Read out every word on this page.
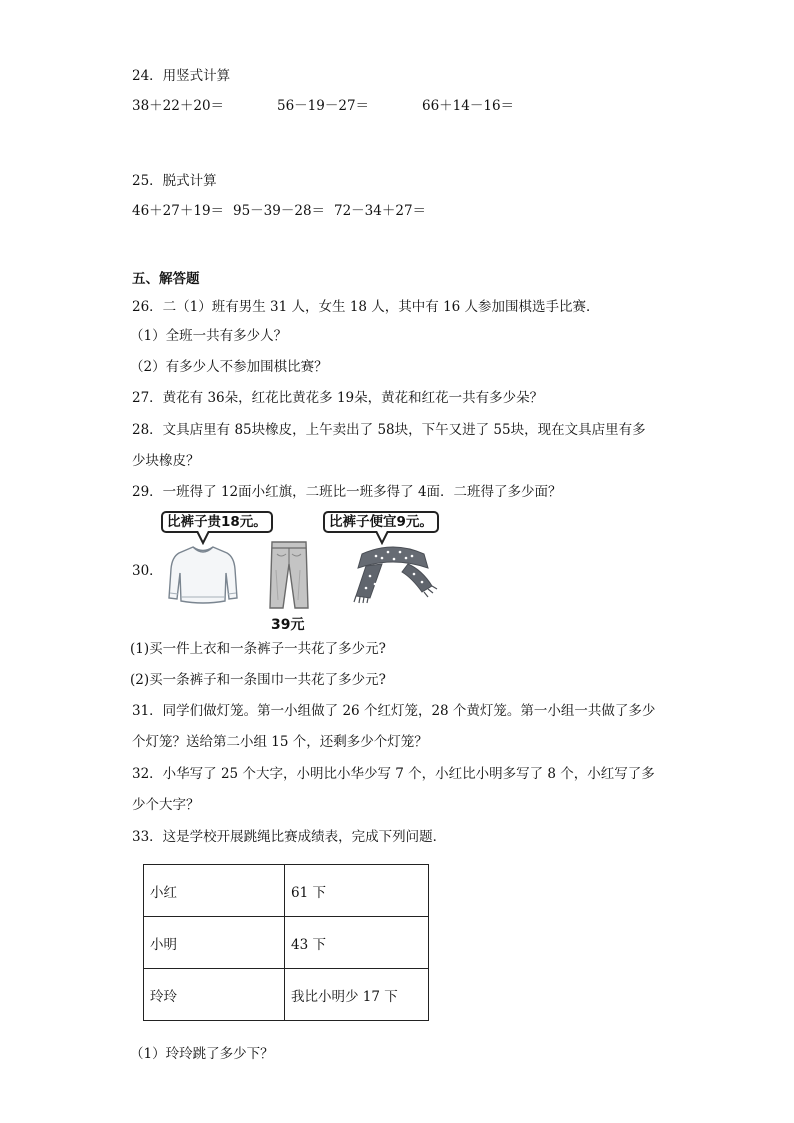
24．用竖式计算
38＋22＋20＝	56－19－27＝	66＋14－16＝
25．脱式计算
46＋27＋19＝ 95－39－28＝ 72－34＋27＝
五、解答题
26．二（1）班有男生 31 人，女生 18 人，其中有 16 人参加围棋选手比赛．
（1）全班一共有多少人？
（2）有多少人不参加围棋比赛？
27．黄花有 36朵，红花比黄花多 19朵，黄花和红花一共有多少朵？
28．文具店里有 85块橡皮，上午卖出了 58块，下午又进了 55块，现在文具店里有多
少块橡皮？
29．一班得了 12面小红旗，二班比一班多得了 4面．二班得了多少面？
30．
比裤子贵18元。	比裤子便宜9元。
39元
(1)买一件上衣和一条裤子一共花了多少元?
(2)买一条裤子和一条围巾一共花了多少元?
31．同学们做灯笼。第一小组做了 26 个红灯笼，28 个黄灯笼。第一小组一共做了多少
个灯笼？送给第二小组 15 个，还剩多少个灯笼？
32．小华写了 25 个大字，小明比小华少写 7 个，小红比小明多写了 8 个，小红写了多
少个大字？
33．这是学校开展跳绳比赛成绩表，完成下列问题．
小红	61 下
小明	43 下
玲玲	我比小明少 17 下
（1）玲玲跳了多少下？
